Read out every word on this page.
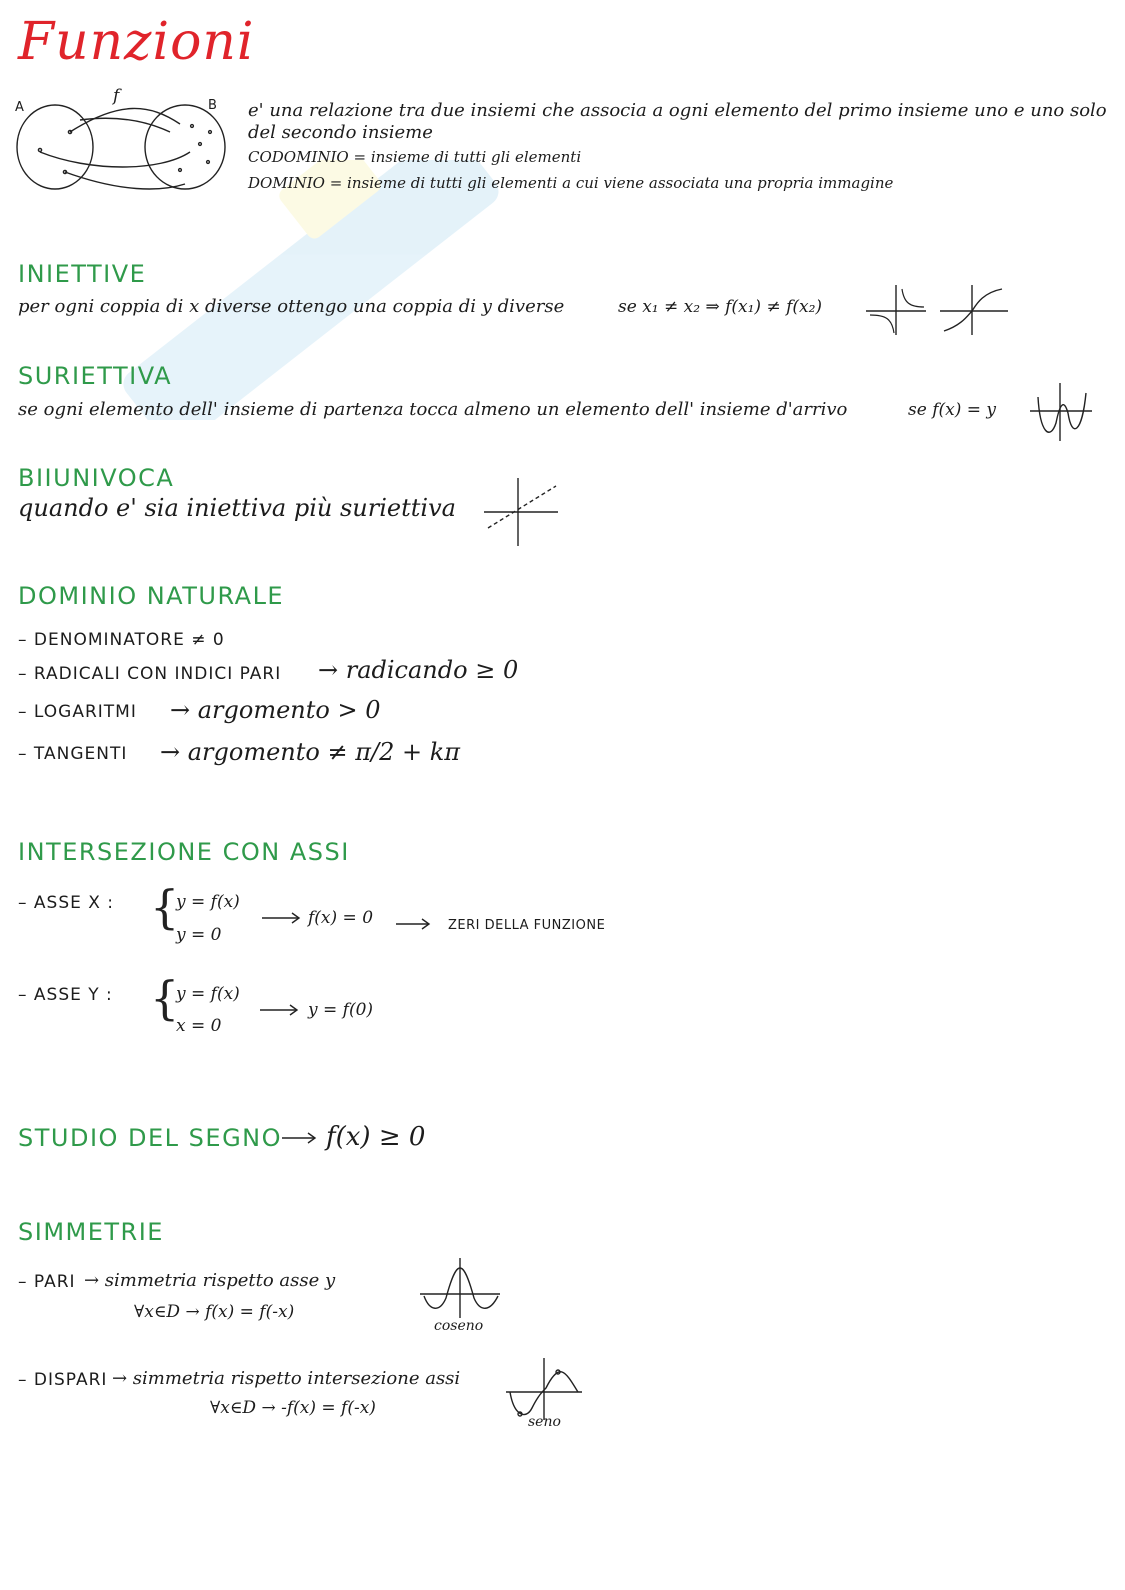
Funzioni
A	B
f
e' una relazione tra due insiemi che associa a ogni elemento del primo insieme uno e uno solo
del secondo insieme
CODOMINIO = insieme di tutti gli elementi
DOMINIO = insieme di tutti gli elementi a cui viene associata una propria immagine
INIETTIVE
per ogni coppia di x diverse ottengo una coppia di y diverse	se x₁ ≠ x₂ ⇒ f(x₁) ≠ f(x₂)
SURIETTIVA
se ogni elemento dell' insieme di partenza tocca almeno un elemento dell' insieme d'arrivo	se f(x) = y
BIIUNIVOCA
quando e' sia iniettiva più suriettiva
DOMINIO NATURALE
– DENOMINATORE ≠ 0
– RADICALI CON INDICI PARI → radicando ≥ 0
– LOGARITMI → argomento > 0
– TANGENTI → argomento ≠ π/2 + kπ
INTERSEZIONE CON ASSI
– ASSE X : {
y = f(x)
y = 0
f(x) = 0	ZERI DELLA FUNZIONE
– ASSE Y : {
y = f(x)
x = 0
y = f(0)
STUDIO DEL SEGNO f(x) ≥ 0
SIMMETRIE
– PARI → simmetria rispetto asse y
∀x∈D → f(x) = f(-x)
coseno
– DISPARI → simmetria rispetto intersezione assi
∀x∈D → -f(x) = f(-x)
seno
